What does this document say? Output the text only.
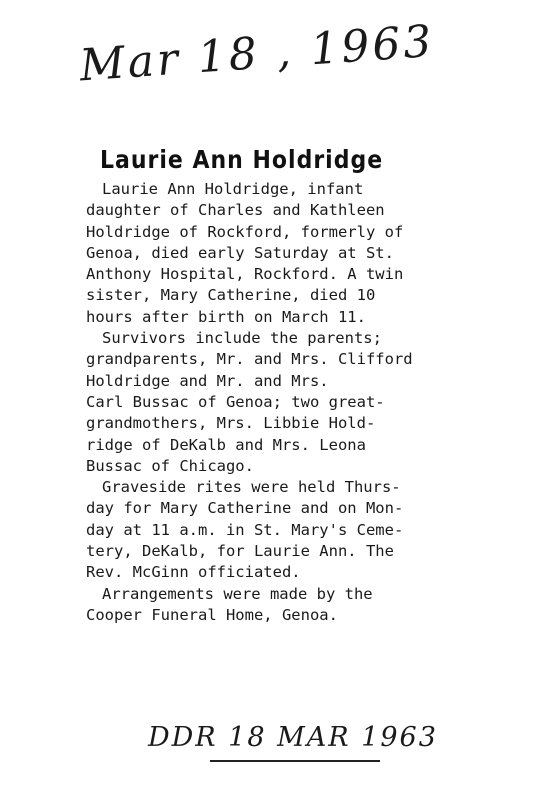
Mar 18 , 1963
Laurie Ann Holdridge

Laurie Ann Holdridge, infant
daughter of Charles and Kathleen
Holdridge of Rockford, formerly of
Genoa, died early Saturday at St.
Anthony Hospital, Rockford. A twin
sister, Mary Catherine, died 10
hours after birth on March 11.

Survivors include the parents;
grandparents, Mr. and Mrs. Clifford
Holdridge and Mr. and Mrs.
Carl Bussac of Genoa; two great-
grandmothers, Mrs. Libbie Hold-
ridge of DeKalb and Mrs. Leona
Bussac of Chicago.

Graveside rites were held Thurs-
day for Mary Catherine and on Mon-
day at 11 a.m. in St. Mary's Ceme-
tery, DeKalb, for Laurie Ann. The
Rev. McGinn officiated.

Arrangements were made by the
Cooper Funeral Home, Genoa.

DDR 18 MAR 1963
